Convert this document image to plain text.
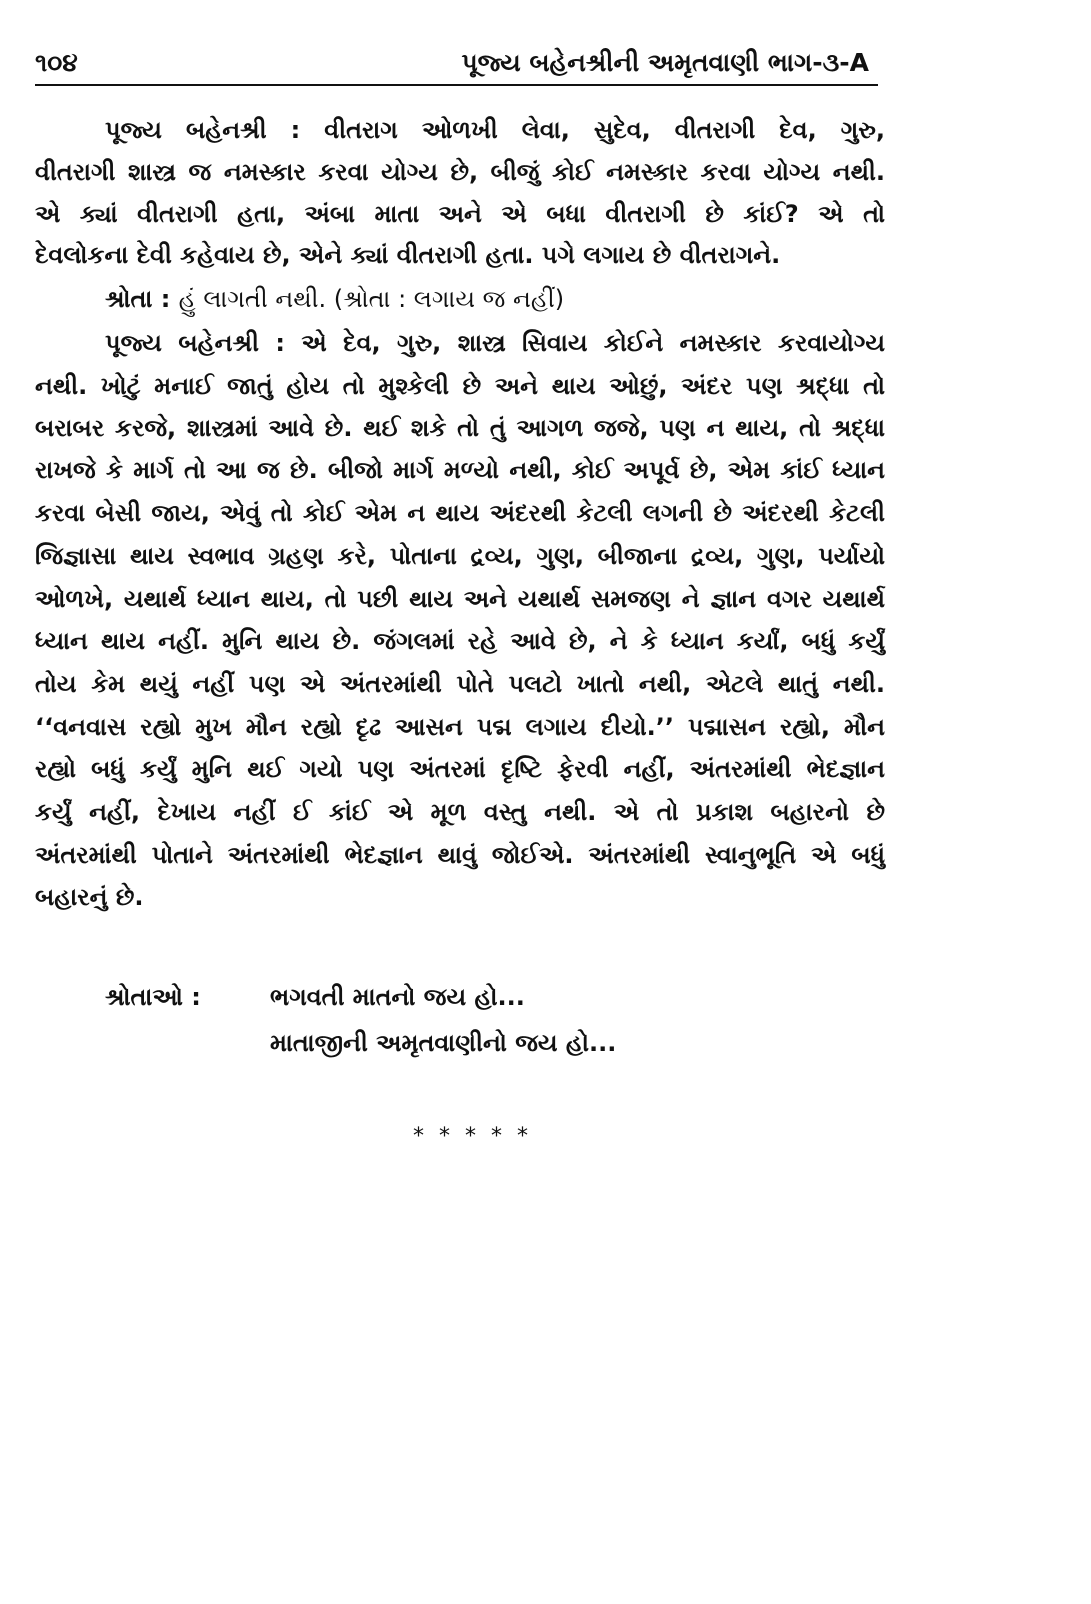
૧૦૪	પૂજ્ય બહેનશ્રીની અમૃતવાણી ભાગ-૩-A
પૂજ્ય બહેનશ્રી : વીતરાગ ઓળખી લેવા, સુદેવ, વીતરાગી દેવ, ગુરુ,
વીતરાગી શાસ્ત્ર જ નમસ્કાર કરવા યોગ્ય છે, બીજું કોઈ નમસ્કાર કરવા યોગ્ય નથી.
એ ક્યાં વીતરાગી હતા, અંબા માતા અને એ બધા વીતરાગી છે કાંઈ? એ તો
દેવલોકના દેવી કહેવાય છે, એને ક્યાં વીતરાગી હતા. પગે લગાય છે વીતરાગને.
શ્રોતા : હું લાગતી નથી. (શ્રોતા : લગાય જ નહીં)
પૂજ્ય બહેનશ્રી : એ દેવ, ગુરુ, શાસ્ત્ર સિવાય કોઈને નમસ્કાર કરવાયોગ્ય
નથી. ખોટું મનાઈ જાતું હોય તો મુશ્કેલી છે અને થાય ઓછું, અંદર પણ શ્રદ્ધા તો
બરાબર કરજે, શાસ્ત્રમાં આવે છે. થઈ શકે તો તું આગળ જજે, પણ ન થાય, તો શ્રદ્ધા
રાખજે કે માર્ગ તો આ જ છે. બીજો માર્ગ મળ્યો નથી, કોઈ અપૂર્વ છે, એમ કાંઈ ધ્યાન
કરવા બેસી જાય, એવું તો કોઈ એમ ન થાય અંદરથી કેટલી લગની છે અંદરથી કેટલી
જિજ્ઞાસા થાય સ્વભાવ ગ્રહણ કરે, પોતાના દ્રવ્ય, ગુણ, બીજાના દ્રવ્ય, ગુણ, પર્યાયો
ઓળખે, યથાર્થ ધ્યાન થાય, તો પછી થાય અને યથાર્થ સમજણ ને જ્ઞાન વગર યથાર્થ
ધ્યાન થાય નહીં. મુનિ થાય છે. જંગલમાં રહે આવે છે, ને કે ધ્યાન કર્યાં, બધું કર્યું
તોય કેમ થયું નહીં પણ એ અંતરમાંથી પોતે પલટો ખાતો નથી, એટલે થાતું નથી.
‘‘વનવાસ રહ્યો મુખ મૌન રહ્યો દૃઢ આસન પદ્મ લગાય દીયો.’’ પદ્માસન રહ્યો, મૌન
રહ્યો બધું કર્યું મુનિ થઈ ગયો પણ અંતરમાં દૃષ્ટિ ફેરવી નહીં, અંતરમાંથી ભેદજ્ઞાન
કર્યું નહીં, દેખાય નહીં ઈ કાંઈ એ મૂળ વસ્તુ નથી. એ તો પ્રકાશ બહારનો છે
અંતરમાંથી પોતાને અંતરમાંથી ભેદજ્ઞાન થાવું જોઈએ. અંતરમાંથી સ્વાનુભૂતિ એ બધું
બહારનું છે.
શ્રોતાઓ :	ભગવતી માતનો જય હો...
માતાજીની અમૃતવાણીનો જય હો...
* * * * *
